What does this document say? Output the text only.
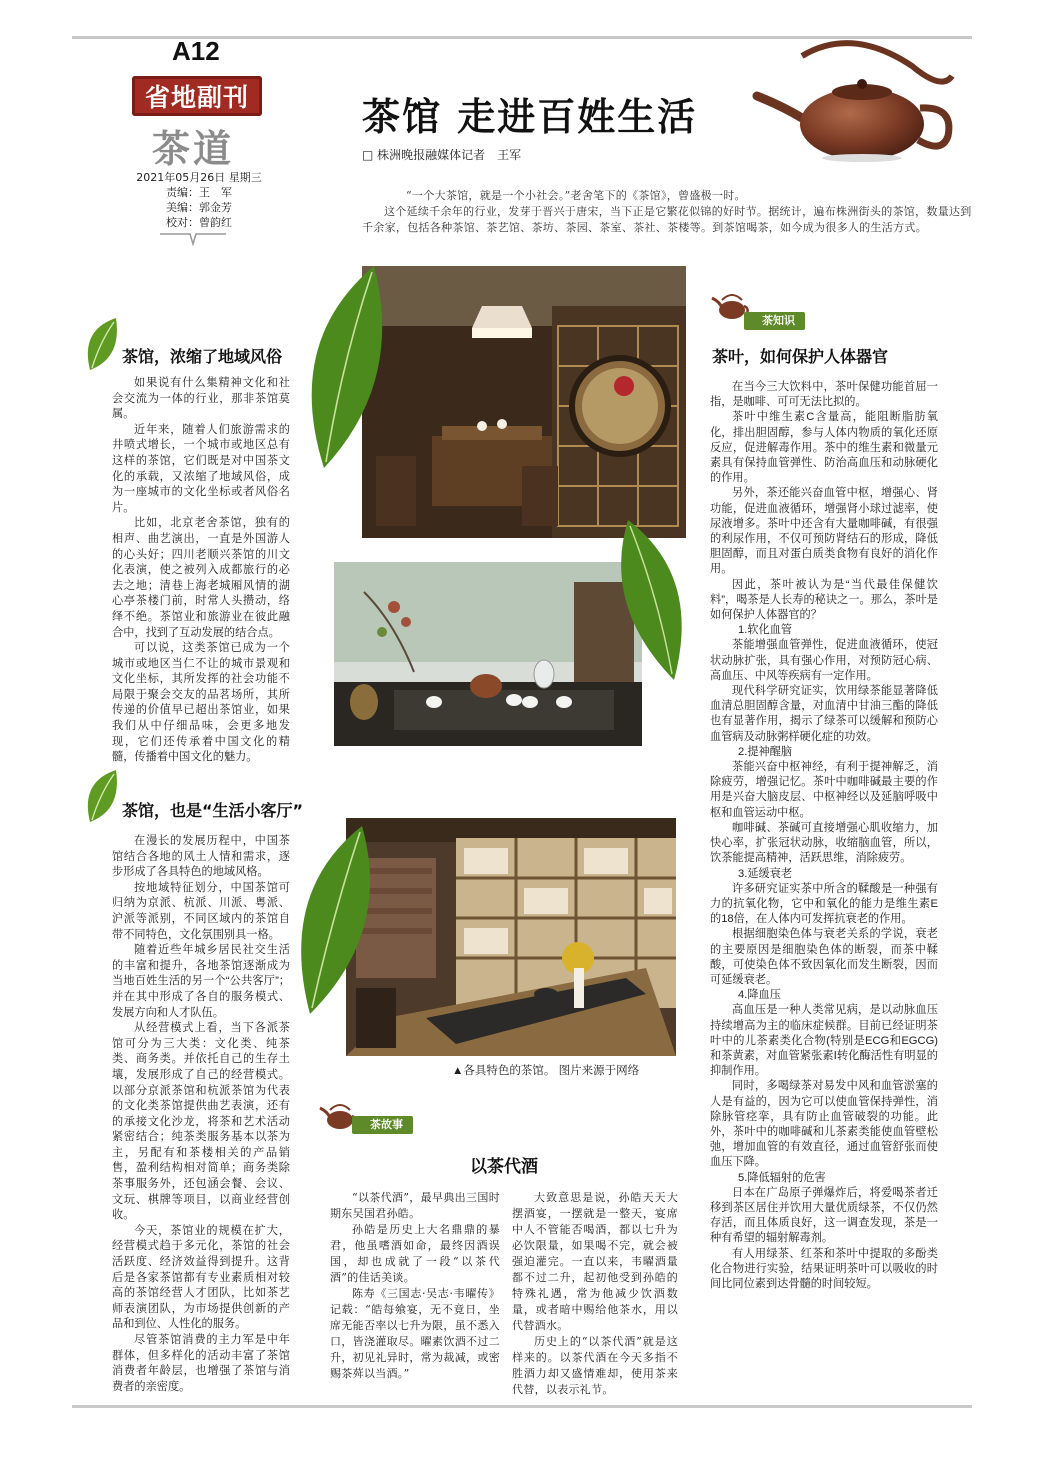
A12
省地副刊
茶道
2021年05月26日 星期三
责编：王　军
美编：郭金芳
校对：曾韵红
茶馆 走进百姓生活
□ 株洲晚报融媒体记者　王军

“一个大茶馆，就是一个小社会。”老舍笔下的《茶馆》，曾盛极一时。

这个延续千余年的行业，发芽于晋兴于唐宋，当下正是它繁花似锦的好时节。据统计，遍布株洲街头的茶馆，数量达到千余家，包括各种茶馆、茶艺馆、茶坊、茶园、茶室、茶社、茶楼等。到茶馆喝茶，如今成为很多人的生活方式。

茶馆，浓缩了地域风俗

如果说有什么集精神文化和社会交流为一体的行业，那非茶馆莫属。

近年来，随着人们旅游需求的井喷式增长，一个城市或地区总有这样的茶馆，它们既是对中国茶文化的承载，又浓缩了地域风俗，成为一座城市的文化坐标或者风俗名片。

比如，北京老舍茶馆，独有的相声、曲艺演出，一直是外国游人的心头好；四川老顺兴茶馆的川文化表演，使之被列入成都旅行的必去之地；清巷上海老城厢风情的湖心亭茶楼门前，时常人头攒动，络绎不绝。茶馆业和旅游业在彼此融合中，找到了互动发展的结合点。

可以说，这类茶馆已成为一个城市或地区当仁不让的城市景观和文化坐标，其所发挥的社会功能不局限于聚会交友的品茗场所，其所传递的价值早已超出茶馆业，如果我们从中仔细品味，会更多地发现，它们还传承着中国文化的精髓，传播着中国文化的魅力。

茶馆，也是“生活小客厅”

在漫长的发展历程中，中国茶馆结合各地的风土人情和需求，逐步形成了各具特色的地域风格。

按地域特征划分，中国茶馆可归纳为京派、杭派、川派、粤派、沪派等派别，不同区域内的茶馆自带不同特色，文化氛围别具一格。

随着近些年城乡居民社交生活的丰富和提升，各地茶馆逐渐成为当地百姓生活的另一个“公共客厅”；并在其中形成了各自的服务模式、发展方向和人才队伍。

从经营模式上看，当下各派茶馆可分为三大类：文化类、纯茶类、商务类。并依托自己的生存土壤，发展形成了自己的经营模式。以部分京派茶馆和杭派茶馆为代表的文化类茶馆提供曲艺表演，还有的承接文化沙龙，将茶和艺术活动紧密结合；纯茶类服务基本以茶为主，另配有和茶楼相关的产品销售，盈利结构相对简单；商务类除茶事服务外，还包涵会餐、会议、文玩、棋牌等项目，以商业经营创收。

今天，茶馆业的规模在扩大，经营模式趋于多元化，茶馆的社会活跃度、经济效益得到提升。这背后是各家茶馆都有专业素质相对较高的茶馆经营人才团队，比如茶艺师表演团队，为市场提供创新的产品和到位、人性化的服务。

尽管茶馆消费的主力军是中年群体，但多样化的活动丰富了茶馆消费者年龄层，也增强了茶馆与消费者的亲密度。

▲各具特色的茶馆。 图片来源于网络
茶故事
以茶代酒

“以茶代酒”，最早典出三国时期东吴国君孙皓。

孙皓是历史上大名鼎鼎的暴君，他虽嗜酒如命，最终因酒误国，却也成就了一段“以茶代酒”的佳话美谈。

陈寿《三国志·吴志·韦曜传》记载：“皓每飨宴，无不竟日，坐席无能否率以七升为限，虽不悉入口，皆浇灌取尽。曜素饮酒不过二升，初见礼异时，常为裁减，或密赐茶荈以当酒。”

大致意思是说，孙皓天天大摆酒宴，一摆就是一整天，宴席中人不管能否喝酒，都以七升为必饮限量，如果喝不完，就会被强迫灌完。一直以来，韦曜酒量都不过二升，起初他受到孙皓的特殊礼遇，常为他减少饮酒数量，或者暗中赐给他茶水，用以代替酒水。

历史上的“以茶代酒”就是这样来的。以茶代酒在今天多指不胜酒力却又盛情难却，使用茶来代替，以表示礼节。

茶知识
茶叶，如何保护人体器官

在当今三大饮料中，茶叶保健功能首屈一指，是咖啡、可可无法比拟的。

茶叶中维生素C含量高，能阻断脂肪氧化，排出胆固醇，参与人体内物质的氧化还原反应，促进解毒作用。茶中的维生素和微量元素具有保持血管弹性、防治高血压和动脉硬化的作用。

另外，茶还能兴奋血管中枢，增强心、肾功能，促进血液循环，增强肾小球过滤率，使尿液增多。茶叶中还含有大量咖啡碱，有很强的利尿作用，不仅可预防肾结石的形成，降低胆固醇，而且对蛋白质类食物有良好的消化作用。

因此，茶叶被认为是“当代最佳保健饮料”，喝茶是人长寿的秘诀之一。那么，茶叶是如何保护人体器官的？

1.软化血管

茶能增强血管弹性，促进血液循环，使冠状动脉扩张，具有强心作用，对预防冠心病、高血压、中风等疾病有一定作用。

现代科学研究证实，饮用绿茶能显著降低血清总胆固醇含量，对血清中甘油三酯的降低也有显著作用，揭示了绿茶可以缓解和预防心血管病及动脉粥样硬化症的功效。

2.提神醒脑

茶能兴奋中枢神经，有利于提神解乏，消除疲劳，增强记忆。茶叶中咖啡碱最主要的作用是兴奋大脑皮层、中枢神经以及延脑呼吸中枢和血管运动中枢。

咖啡碱、茶碱可直接增强心肌收缩力，加快心率，扩张冠状动脉，收缩脑血管，所以，饮茶能提高精神，活跃思维，消除疲劳。

3.延缓衰老

许多研究证实茶中所含的鞣酸是一种强有力的抗氧化物，它中和氧化的能力是维生素E的18倍，在人体内可发挥抗衰老的作用。

根据细胞染色体与衰老关系的学说，衰老的主要原因是细胞染色体的断裂，而茶中鞣酸，可使染色体不致因氧化而发生断裂，因而可延缓衰老。

4.降血压

高血压是一种人类常见病，是以动脉血压持续增高为主的临床症候群。目前已经证明茶叶中的儿茶素类化合物(特别是ECG和EGCG)和茶黄素，对血管紧张素Ⅰ转化酶活性有明显的抑制作用。

同时，多喝绿茶对易发中风和血管淤塞的人是有益的，因为它可以使血管保持弹性，消除脉管痉挛，具有防止血管破裂的功能。此外，茶叶中的咖啡碱和儿茶素类能使血管壁松弛，增加血管的有效直径，通过血管舒张而使血压下降。

5.降低辐射的危害

日本在广岛原子弹爆炸后，将爱喝茶者迁移到茶区居住并饮用大量优质绿茶，不仅仍然存活，而且体质良好，这一调查发现，茶是一种有希望的辐射解毒剂。

有人用绿茶、红茶和茶叶中提取的多酚类化合物进行实验，结果证明茶叶可以吸收的时间比同位素到达骨髓的时间较短。
